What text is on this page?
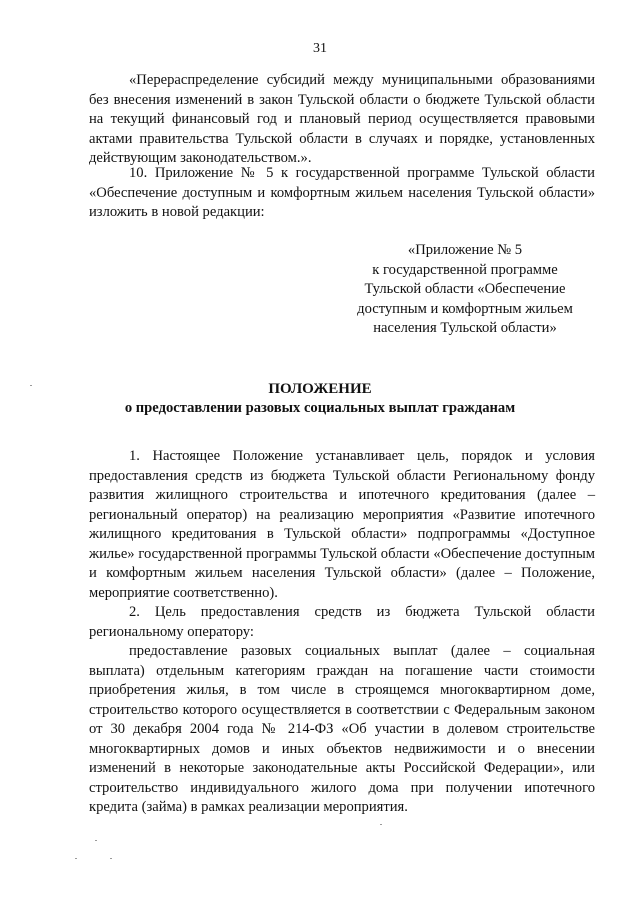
31

«Перераспределение субсидий между муниципальными образованиями без внесения изменений в закон Тульской области о бюджете Тульской области на текущий финансовый год и плановый период осуществляется правовыми актами правительства Тульской области в случаях и порядке, установленных действующим законодательством.».

10. Приложение № 5 к государственной программе Тульской области «Обеспечение доступным и комфортным жильем населения Тульской области» изложить в новой редакции:

«Приложение № 5
к государственной программе
Тульской области «Обеспечение
доступным и комфортным жильем
населения Тульской области»
ПОЛОЖЕНИЕ
о предоставлении разовых социальных выплат гражданам

1. Настоящее Положение устанавливает цель, порядок и условия предоставления средств из бюджета Тульской области Региональному фонду развития жилищного строительства и ипотечного кредитования (далее – региональный оператор) на реализацию мероприятия «Развитие ипотечного жилищного кредитования в Тульской области» подпрограммы «Доступное жилье» государственной программы Тульской области «Обеспечение доступным и комфортным жильем населения Тульской области» (далее – Положение, мероприятие соответственно).

2. Цель предоставления средств из бюджета Тульской области региональному оператору:

предоставление разовых социальных выплат (далее – социальная выплата) отдельным категориям граждан на погашение части стоимости приобретения жилья, в том числе в строящемся многоквартирном доме, строительство которого осуществляется в соответствии с Федеральным законом от 30 декабря 2004 года № 214-ФЗ «Об участии в долевом строительстве многоквартирных домов и иных объектов недвижимости и о внесении изменений в некоторые законодательные акты Российской Федерации», или строительство индивидуального жилого дома при получении ипотечного кредита (займа) в рамках реализации мероприятия.
